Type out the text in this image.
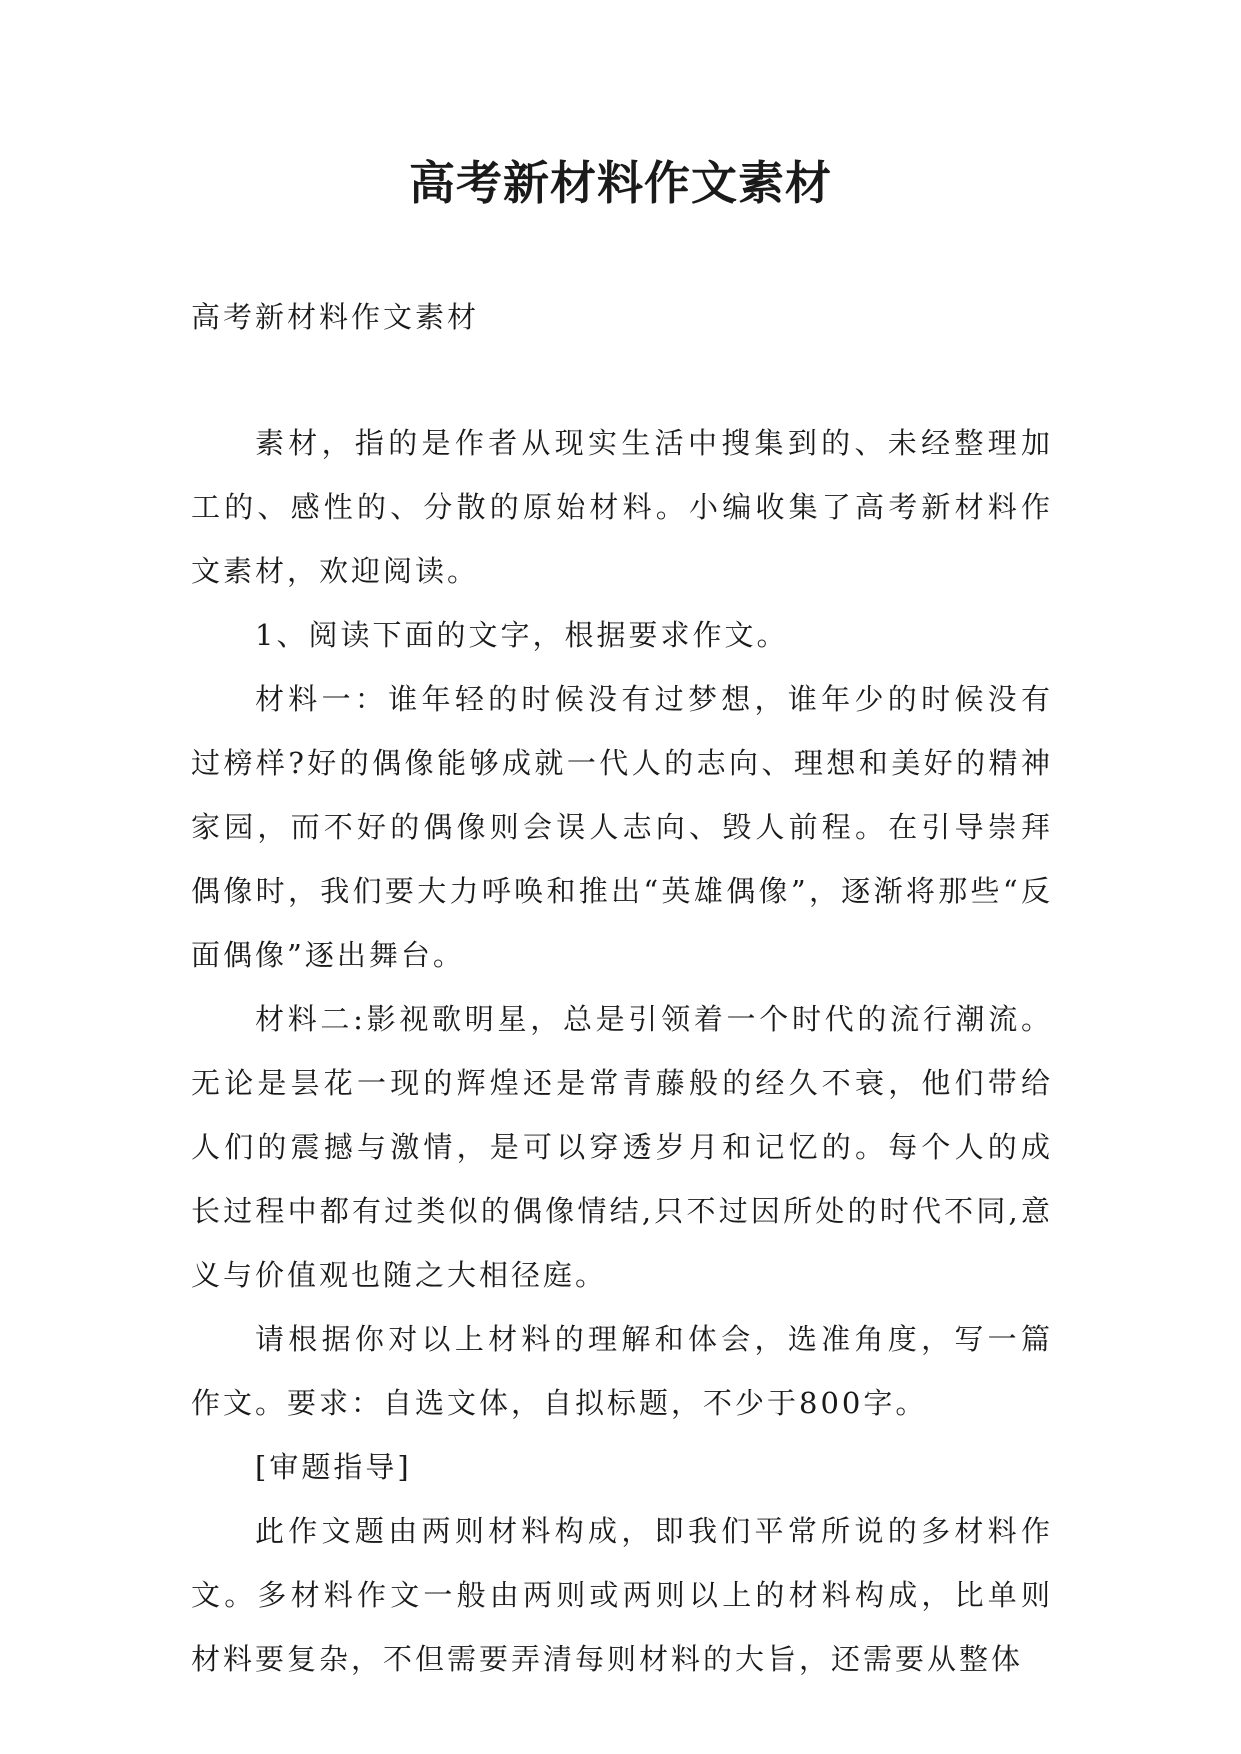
高考新材料作文素材

高考新材料作文素材

素材，指的是作者从现实生活中搜集到的、未经整理加工的、感性的、分散的原始材料。小编收集了高考新材料作文素材，欢迎阅读。

1、阅读下面的文字，根据要求作文。

材料一：谁年轻的时候没有过梦想，谁年少的时候没有过榜样?好的偶像能够成就一代人的志向、理想和美好的精神家园，而不好的偶像则会误人志向、毁人前程。在引导崇拜偶像时，我们要大力呼唤和推出“英雄偶像”，逐渐将那些“反面偶像”逐出舞台。

材料二:影视歌明星，总是引领着一个时代的流行潮流。无论是昙花一现的辉煌还是常青藤般的经久不衰，他们带给人们的震撼与激情，是可以穿透岁月和记忆的。每个人的成长过程中都有过类似的偶像情结,只不过因所处的时代不同,意义与价值观也随之大相径庭。

请根据你对以上材料的理解和体会，选准角度，写一篇作文。要求：自选文体，自拟标题，不少于800字。

[审题指导]

此作文题由两则材料构成，即我们平常所说的多材料作文。多材料作文一般由两则或两则以上的材料构成，比单则材料要复杂，不但需要弄清每则材料的大旨，还需要从整体
